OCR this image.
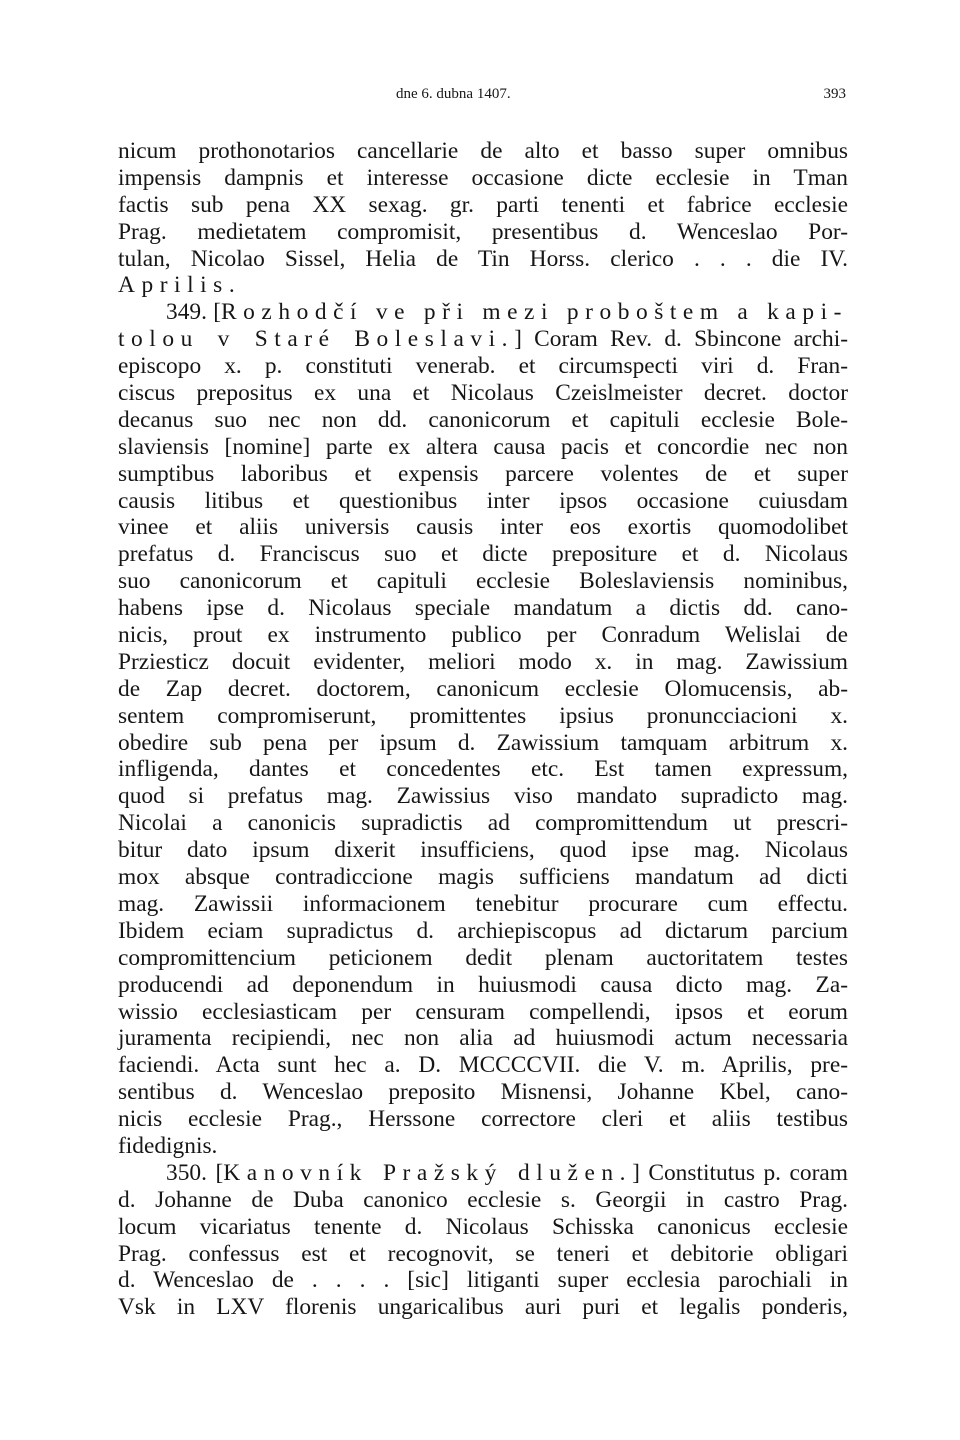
dne 6. dubna 1407.	393
nicum prothonotarios cancellarie de alto et basso super omnibus
impensis dampnis et interesse occasione dicte ecclesie in Tman
factis sub pena XX sexag. gr. parti tenenti et fabrice ecclesie
Prag. medietatem compromisit, presentibus d. Wenceslao Por-
tulan, Nicolao Sissel, Helia de Tin Horss. clerico . . . die IV.
Aprilis.
349. [Rozhodčí ve při mezi proboštem a kapi-
tolou v Staré Boleslavi.] Coram Rev. d. Sbincone archi-
episcopo x. p. constituti venerab. et circumspecti viri d. Fran-
ciscus prepositus ex una et Nicolaus Czeislmeister decret. doctor
decanus suo nec non dd. canonicorum et capituli ecclesie Bole-
slaviensis [nomine] parte ex altera causa pacis et concordie nec non
sumptibus laboribus et expensis parcere volentes de et super
causis litibus et questionibus inter ipsos occasione cuiusdam
vinee et aliis universis causis inter eos exortis quomodolibet
prefatus d. Franciscus suo et dicte prepositure et d. Nicolaus
suo canonicorum et capituli ecclesie Boleslaviensis nominibus,
habens ipse d. Nicolaus speciale mandatum a dictis dd. cano-
nicis, prout ex instrumento publico per Conradum Welislai de
Prziesticz docuit evidenter, meliori modo x. in mag. Zawissium
de Zap decret. doctorem, canonicum ecclesie Olomucensis, ab-
sentem compromiserunt, promittentes ipsius pronuncciacioni x.
obedire sub pena per ipsum d. Zawissium tamquam arbitrum x.
infligenda, dantes et concedentes etc. Est tamen expressum,
quod si prefatus mag. Zawissius viso mandato supradicto mag.
Nicolai a canonicis supradictis ad compromittendum ut prescri-
bitur dato ipsum dixerit insufficiens, quod ipse mag. Nicolaus
mox absque contradiccione magis sufficiens mandatum ad dicti
mag. Zawissii informacionem tenebitur procurare cum effectu.
Ibidem eciam supradictus d. archiepiscopus ad dictarum parcium
compromittencium peticionem dedit plenam auctoritatem testes
producendi ad deponendum in huiusmodi causa dicto mag. Za-
wissio ecclesiasticam per censuram compellendi, ipsos et eorum
juramenta recipiendi, nec non alia ad huiusmodi actum necessaria
faciendi. Acta sunt hec a. D. MCCCCVII. die V. m. Aprilis, pre-
sentibus d. Wenceslao preposito Misnensi, Johanne Kbel, cano-
nicis ecclesie Prag., Herssone correctore cleri et aliis testibus
fidedignis.
350. [Kanovník Pražský dlužen.] Constitutus p. coram
d. Johanne de Duba canonico ecclesie s. Georgii in castro Prag.
locum vicariatus tenente d. Nicolaus Schisska canonicus ecclesie
Prag. confessus est et recognovit, se teneri et debitorie obligari
d. Wenceslao de . . . . [sic] litiganti super ecclesia parochiali in
Vsk in LXV florenis ungaricalibus auri puri et legalis ponderis,
